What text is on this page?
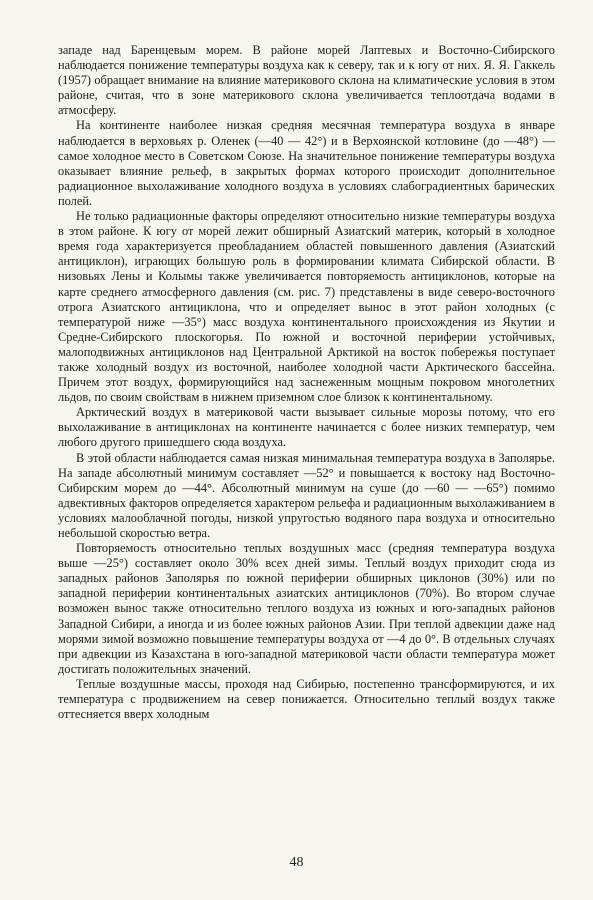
западе над Баренцевым морем. В районе морей Лаптевых и Восточно-Сибирского наблюдается понижение температуры воздуха как к северу, так и к югу от них. Я. Я. Гаккель (1957) обращает внимание на влияние материкового склона на климатические условия в этом районе, считая, что в зоне материкового склона увеличивается теплоотдача водами в атмосферу.

На континенте наиболее низкая средняя месячная температура воздуха в январе наблюдается в верховьях р. Оленек (—40 — 42°) и в Верхоянской котловине (до —48°) — самое холодное место в Советском Союзе. На значительное понижение температуры воздуха оказывает влияние рельеф, в закрытых формах которого происходит дополнительное радиационное выхолаживание холодного воздуха в условиях слабоградиентных барических полей.

Не только радиационные факторы определяют относительно низкие температуры воздуха в этом районе. К югу от морей лежит обширный Азиатский материк, который в холодное время года характеризуется преобладанием областей повышенного давления (Азиатский антициклон), играющих большую роль в формировании климата Сибирской области. В низовьях Лены и Колымы также увеличивается повторяемость антициклонов, которые на карте среднего атмосферного давления (см. рис. 7) представлены в виде северо-восточного отрога Азиатского антициклона, что и определяет вынос в этот район холодных (с температурой ниже —35°) масс воздуха континентального происхождения из Якутии и Средне-Сибирского плоскогорья. По южной и восточной периферии устойчивых, малоподвижных антициклонов над Центральной Арктикой на восток побережья поступает также холодный воздух из восточной, наиболее холодной части Арктического бассейна. Причем этот воздух, формирующийся над заснеженным мощным покровом многолетних льдов, по своим свойствам в нижнем приземном слое близок к континентальному.

Арктический воздух в материковой части вызывает сильные морозы потому, что его выхолаживание в антициклонах на континенте начинается с более низких температур, чем любого другого пришедшего сюда воздуха.

В этой области наблюдается самая низкая минимальная температура воздуха в Заполярье. На западе абсолютный минимум составляет —52° и повышается к востоку над Восточно-Сибирским морем до —44°. Абсолютный минимум на суше (до —60 — —65°) помимо адвективных факторов определяется характером рельефа и радиационным выхолаживанием в условиях малооблачной погоды, низкой упругостью водяного пара воздуха и относительно небольшой скоростью ветра.

Повторяемость относительно теплых воздушных масс (средняя температура воздуха выше —25°) составляет около 30% всех дней зимы. Теплый воздух приходит сюда из западных районов Заполярья по южной периферии обширных циклонов (30%) или по западной периферии континентальных азиатских антициклонов (70%). Во втором случае возможен вынос также относительно теплого воздуха из южных и юго-западных районов Западной Сибири, а иногда и из более южных районов Азии. При теплой адвекции даже над морями зимой возможно повышение температуры воздуха от —4 до 0°. В отдельных случаях при адвекции из Казахстана в юго-западной материковой части области температура может достигать положительных значений.

Теплые воздушные массы, проходя над Сибирью, постепенно трансформируются, и их температура с продвижением на север понижается. Относительно теплый воздух также оттесняется вверх холодным

48
